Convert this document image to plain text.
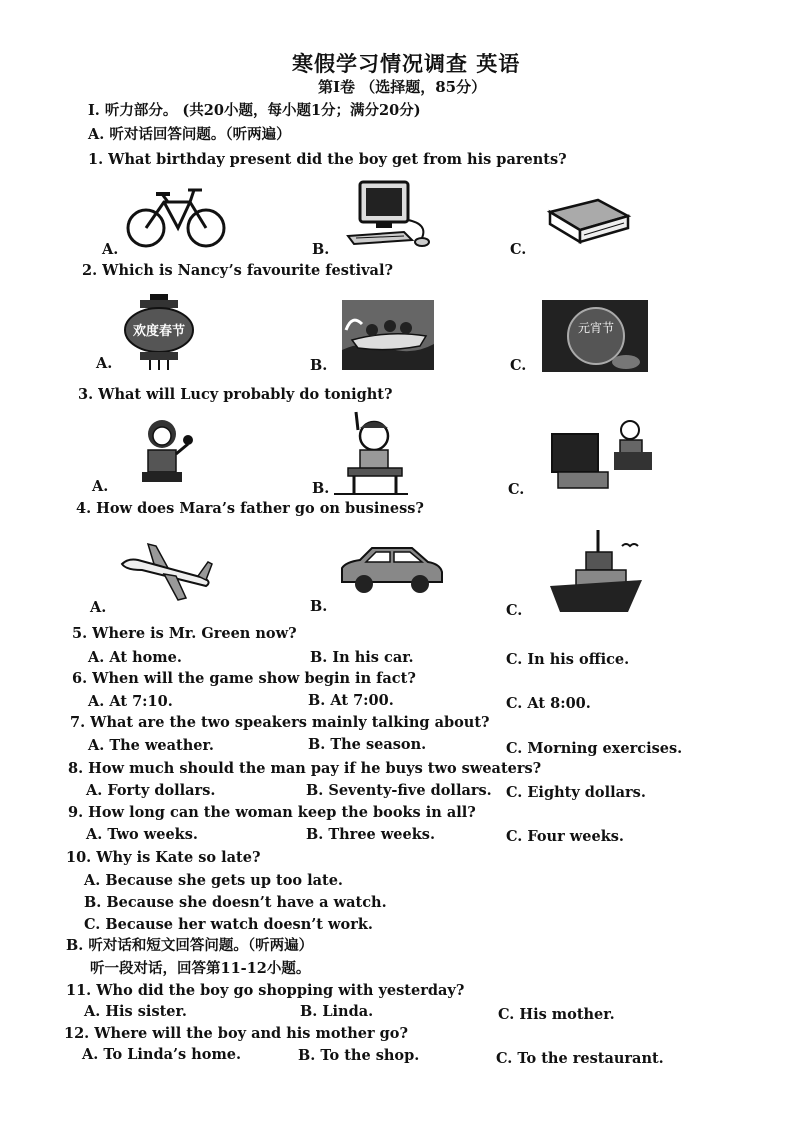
寒假学习情况调查 英语
第Ⅰ卷 （选择题，85分）
I. 听力部分。 (共20小题，每小题1分；满分20分)
A. 听对话回答问题。（听两遍）
1. What birthday present did the boy get from his parents?
A.	B.	C.
2. Which is Nancy’s favourite festival?
欢度春节
A.	B.
元宵节
C.
3. What will Lucy probably do tonight?
A.	B.	C.
4. How does Mara’s father go on business?
A.	B.	C.
5. Where is Mr. Green now?
A. At home.	B. In his car.	C. In his office.
6. When will the game show begin in fact?
A. At 7:10.	B. At 7:00.	C. At 8:00.
7. What are the two speakers mainly talking about?
A. The weather.	B. The season.	C. Morning exercises.
8. How much should the man pay if he buys two sweaters?
A. Forty dollars.	B. Seventy-five dollars. C. Eighty dollars.
9. How long can the woman keep the books in all?
A. Two weeks.	B. Three weeks.	C. Four weeks.
10. Why is Kate so late?
A. Because she gets up too late.
B. Because she doesn’t have a watch.
C. Because her watch doesn’t work.
B. 听对话和短文回答问题。（听两遍）
听一段对话，回答第11-12小题。
11. Who did the boy go shopping with yesterday?
A. His sister.	B. Linda.	C. His mother.
12. Where will the boy and his mother go?
A. To Linda’s home.	B. To the shop.	C. To the restaurant.
